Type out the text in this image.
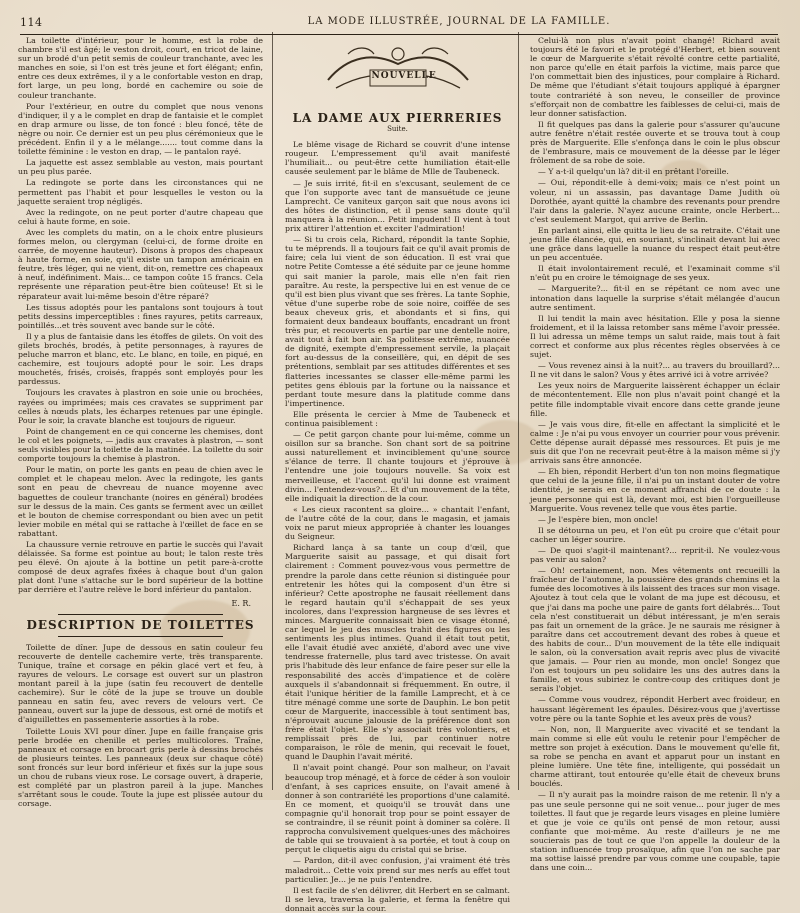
114	LA MODE ILLUSTRÉE, JOURNAL DE LA FAMILLE.

La toilette d'intérieur, pour le homme, est la robe de chambre s'il est âgé; le veston droit, court, en tricot de laine, sur un brodé d'un petit semis de couleur tranchante, avec les manches en soie, si l'on est très jeune et fort élégant; enfin, entre ces deux extrêmes, il y a le confortable veston en drap, fort large, un peu long, bordé en cachemire ou soie de couleur tranchante.

Pour l'extérieur, en outre du complet que nous venons d'indiquer, il y a le complet en drap de fantaisie et le complet en drap armure ou lisse, de ton foncé : bleu foncé, tête de nègre ou noir. Ce dernier est un peu plus cérémonieux que le précédent. Enfin il y a le mélange....... tout comme dans la toilette féminine : le veston en drap, — le pantalon rayé.

La jaquette est assez semblable au veston, mais pourtant un peu plus parée.

La redingote se porte dans les circonstances qui ne permettent pas l'habit et pour lesquelles le veston ou la jaquette seraient trop négligés.

Avec la redingote, on ne peut porter d'autre chapeau que celui à haute forme, en soie.

Avec les complets du matin, on a le choix entre plusieurs formes melon, ou clergyman (celui-ci, de forme droite en carrée, de moyenne hauteur). Disons à propos des chapeaux à haute forme, en soie, qu'il existe un tampon américain en feutre, très léger, qui ne vient, dit-on, remettre ces chapeaux à neuf, indéfiniment. Mais... ce tampon coûte 15 francs. Cela représente une réparation peut-être bien coûteuse! Et si le réparateur avait lui-même besoin d'être réparé?

Les tissus adoptés pour les pantalons sont toujours à tout petits dessins imperceptibles : fines rayures, petits carreaux, pointillés...et très souvent avec bande sur le côté.

Il y a plus de fantaisie dans les étoffes de gilets. On voit des gilets brochés, brodés, à petite personnages, à rayures de peluche marron et blanc, etc. Le blanc, en toile, en piqué, en cachemire, est toujours adopté pour le soir. Les draps mouchetés, frisés, croisés, frappés sont employés pour les pardessus.

Toujours les cravates à plastron en soie unie ou brochées, rayées ou imprimées; mais ces cravates se suppriment par celles à nœuds plats, les écharpes retenues par une épingle. Pour le soir, la cravate blanche est toujours de rigueur.

Point de changement en ce qui concerne les chemises, dont le col et les poignets, — jadis aux cravates à plastron, — sont seuls visibles pour la toilette de la matinée. La toilette du soir comporte toujours la chemise à plastron.

Pour le matin, on porte les gants en peau de chien avec le complet et le chapeau melon. Avec la redingote, les gants sont en peau de chevreau de nuance moyenne avec baguettes de couleur tranchante (noires en général) brodées sur le dessus de la main. Ces gants se ferment avec un œillet et le bouton de chemise correspondant ou bien avec un petit levier mobile en métal qui se rattache à l'œillet de face en se rabattant.

La chaussure vernie retrouve en partie le succès qui l'avait délaissée. Sa forme est pointue au bout; le talon reste très peu élevé. On ajoute à la bottine un petit pare-à-crotte composé de deux agrafes fixées à chaque bout d'un galon plat dont l'une s'attache sur le bord supérieur de la bottine par derrière et l'autre relève le bord inférieur du pantalon.

E. R.
DESCRIPTION DE TOILETTES

Toilette de dîner. Jupe de dessous en satin couleur feu recouverte de dentelle cachemire verte, très transparente. Tunique, traîne et corsage en pékin glacé vert et feu, à rayures de velours. Le corsage est ouvert sur un plastron montant pareil à la jupe (satin feu recouvert de dentelle cachemire). Sur le côté de la jupe se trouve un double panneau en satin feu, avec revers de velours vert. Ce panneau, ouvert sur la jupe de dessous, est orné de motifs et d'aiguillettes en passementerie assorties à la robe.

Toilette Louis XVI pour dîner. Jupe en faille française gris perle brodée en chenille et perles multicolores. Traîne, panneaux et corsage en brocart gris perle à dessins brochés de plusieurs teintes. Les panneaux (deux sur chaque côté) sont froncés sur leur bord inférieur et fixés sur la jupe sous un chou de rubans vieux rose. Le corsage ouvert, à draperie, est complété par un plastron pareil à la jupe. Manches s'arrêtant sous le coude. Toute la jupe est plissée autour du corsage.

NOUVELLE
LA DAME AUX PIERRERIES
Suite.

Le blême visage de Richard se couvrit d'une intense rougeur. L'empressement qu'il avait manifesté l'humiliait... ou peut-être cette humiliation était-elle causée seulement par le blâme de Mlle de Taubeneck.

— Je suis irrité, fit-il en s'excusant, seulement de ce que l'on supporte avec tant de mansuétude ce jeune Lamprecht. Ce vaniteux garçon sait que nous avons ici des hôtes de distinction, et il pense sans doute qu'il manquera à la réunion... Petit impudent! Il vient à tout prix attirer l'attention et exciter l'admiration!

— Si tu crois cela, Richard, répondit la tante Sophie, tu te méprends. Il a toujours fait ce qu'il avait promis de faire; cela lui vient de son éducation. Il est vrai que notre Petite Comtesse a été séduite par ce jeune homme qui sait manier la parole, mais elle n'en fait rien paraître. Au reste, la perspective lui en est venue de ce qu'il est bien plus vivant que ses frères. La tante Sophie, vêtue d'une superbe robe de soie noire, coiffée de ses beaux cheveux gris, et abondants et si fins, qui formaient deux bandeaux bouffants, encadrant un front très pur, et recouverts en partie par une dentelle noire, avait tout à fait bon air. Sa politesse extrême, nuancée de dignité, exempte d'empressement servile, la plaçait fort au-dessus de la conseillère, qui, en dépit de ses prétentions, semblait par ses attitudes différentes et ses flatteries incessantes se classer elle-même parmi les petites gens éblouis par la fortune ou la naissance et perdant toute mesure dans la platitude comme dans l'impertinence.

Elle présenta le cercier à Mme de Taubeneck et continua paisiblement :

— Ce petit garçon chante pour lui-même, comme un oisillon sur sa branche. Son chant sort de sa poitrine aussi naturellement et invinciblement qu'une source s'élance de terre. Il chante toujours et j'éprouve à l'entendre une joie toujours nouvelle. Sa voix est merveilleuse, et l'accent qu'il lui donne est vraiment divin... l'entendez-vous?... Et d'un mouvement de la tête, elle indiquait la direction de la cour.

« Les cieux racontent sa gloire... » chantait l'enfant, de l'autre côté de la cour, dans le magasin, et jamais voix ne parut mieux appropriée à chanter les louanges du Seigneur.

Richard lança à sa tante un coup d'œil, que Marguerite saisit au passage, et qui disait fort clairement : Comment pouvez-vous vous permettre de prendre la parole dans cette réunion si distinguée pour entretenir les hôtes qui la composent d'un être si inférieur? Cette apostrophe ne fausait réellement dans le regard hautain qu'il s'échappait de ses yeux incolores, dans l'expression hargneuse de ses lèvres et minces. Marguerite connaissait bien ce visage étonné, car lequel le jeu des muscles trahit des figures ou les sentiments les plus intimes. Quand il était tout petit, elle l'avait étudié avec anxiété, d'abord avec une vive tendresse fraternelle, plus tard avec tristesse. On avait pris l'habitude dès leur enfance de faire peser sur elle la responsabilité des accès d'impatience et de colère auxquels il s'abandonnait si fréquemment. En outre, il était l'unique héritier de la famille Lamprecht, et à ce titre ménagé comme une sorte de Dauphin. Le bon petit cœur de Marguerite, inaccessible à tout sentiment bas, n'éprouvait aucune jalousie de la préférence dont son frère était l'objet. Elle s'y associait très volontiers, et remplissait près de lui, par continuer notre comparaison, le rôle de menin, qui recevait le fouet, quand le Dauphin l'avait mérité.

Il n'avait point changé. Pour son malheur, on l'avait beaucoup trop ménagé, et à force de céder à son vouloir d'enfant, à ses caprices ensuite, on l'avait amené à donner à son contrariété les proportions d'une calamité. En ce moment, et quoiqu'il se trouvât dans une compagnie qu'il honorait trop pour se point essayer de se contraindre, il se réunit point à dominer sa colère. Il rapprocha convulsivement quelques-unes des mâchoires de table qui se trouvaient à sa portée, et tout à coup on perçut le cliquetis aigu du cristal qui se brise.

— Pardon, dit-il avec confusion, j'ai vraiment été très maladroit... Cette voix prend sur mes nerfs au effet tout particulier. Je... je ne puis l'entendre.

Il est facile de s'en délivrer, dit Herbert en se calmant. Il se leva, traversa la galerie, et ferma la fenêtre qui donnait accès sur la cour.

Celui-là non plus n'avait point changé! Richard avait toujours été le favori et le protégé d'Herbert, et bien souvent le cœur de Marguerite s'était révolté contre cette partialité, non parce qu'elle en était parfois la victime, mais parce que l'on commettait bien des injustices, pour complaire à Richard. De même que l'étudiant s'était toujours appliqué à épargner toute contrariété à son neveu, le conseiller de province s'efforçait non de combattre les faiblesses de celui-ci, mais de leur donner satisfaction.

Il fit quelques pas dans la galerie pour s'assurer qu'aucune autre fenêtre n'était restée ouverte et se trouva tout à coup près de Marguerite. Elle s'enfonça dans le coin le plus obscur de l'embrasure, mais ce mouvement de la déesse par le léger frôlement de sa robe de soie.

— Y a-t-il quelqu'un là? dit-il en prêtant l'oreille.

— Oui, répondit-elle à demi-voix; mais ce n'est point un voleur, ni un assassin, pas davantage Dame Judith où Dorothée, ayant quitté la chambre des revenants pour prendre l'air dans la galerie. N'ayez aucune crainte, oncle Herbert... c'est seulement Margot, qui arrive de Berlin.

En parlant ainsi, elle quitta le lieu de sa retraite. C'était une jeune fille élancée, qui, en souriant, s'inclinait devant lui avec une grâce dans laquelle la nuance du respect était peut-être un peu accentuée.

Il était involontairement reculé, et l'examinait comme s'il n'eût pu en croire le témoignage de ses yeux.

— Marguerite?... fit-il en se répétant ce nom avec une intonation dans laquelle la surprise s'était mélangée d'aucun autre sentiment.

Il lui tendit la main avec hésitation. Elle y posa la sienne froidement, et il la laissa retomber sans même l'avoir pressée. Il lui adressa un même temps un salut raide, mais tout à fait correct et conforme aux plus récentes règles observées à ce sujet.

— Vous revenez ainsi à la nuit?... au travers du brouillard?... Il ne vit dans le salon? Vous y êtes arrivé ici à votre arrivée?

Les yeux noirs de Marguerite laissèrent échapper un éclair de mécontentement. Elle non plus n'avait point changé et la petite fille indomptable vivait encore dans cette grande jeune fille.

— Je vais vous dire, fit-elle en affectant la simplicité et le calme : Je n'ai pu vous envoyer un courrier pour vous prévenir. Cette dépense aurait dépassé mes ressources. Et puis je me suis dit que l'on ne recevrait peut-être à la maison même si j'y arrivais sans être annoncée.

— Eh bien, répondit Herbert d'un ton non moins flegmatique que celui de la jeune fille, il n'ai pu un instant douter de votre identité, je serais en ce moment affranchi de ce doute : la jeune personne qui est là, devant moi, est bien l'orgueilleuse Marguerite. Vous revenez telle que vous êtes partie.

— Je l'espère bien, mon oncle!

Il se détourna un peu, et l'on eût pu croire que c'était pour cacher un léger sourire.

— De quoi s'agit-il maintenant?... reprit-il. Ne voulez-vous pas venir au salon?

— Oh! certainement, non. Mes vêtements ont recueilli la fraîcheur de l'automne, la poussière des grands chemins et la fumée des locomotives à ils laissent des traces sur mon visage. Ajoutez à tout cela que le volant de ma jupe est décousu, et que j'ai dans ma poche une paire de gants fort délabrés... Tout cela n'est constituerait un début intéressant, je m'en serais pas fait un ornement de la grâce. Je ne saurais me résigner à paraître dans cet accoutrement devant des robes à queue et des habits de cour... D'un mouvement de la tête elle indiquait le salon, où la conversation avait repris avec plus de vivacité que jamais. — Pour rien au monde, mon oncle! Songez que l'on est toujours un peu solidaire les uns des autres dans la famille, et vous subiriez le contre-coup des critiques dont je serais l'objet.

— Comme vous voudrez, répondit Herbert avec froideur, en haussant légèrement les épaules. Désirez-vous que j'avertisse votre père ou la tante Sophie et les aveux près de vous?

— Non, non, Il Marguerite avec vivacité et se tendant la main comme si elle eût voulu le retenir pour l'empêcher de mettre son projet à exécution. Dans le mouvement qu'elle fit, sa robe se pencha en avant et apparut pour un instant en pleine lumière. Une tête fine, intelligente, qui possédait un charme attirant, tout entourée qu'elle était de cheveux bruns bouclés.

— Il n'y aurait pas la moindre raison de me retenir. Il n'y a pas une seule personne qui ne soit venue... pour juger de mes toilettes. Il faut que je regarde leurs visages en pleine lumière et que je voie ce qu'ils ont pensé de mon retour, aussi confiante que moi-même. Au reste d'ailleurs je ne me soucierais pas de tout ce que l'on appelle la douleur de la station influencée trop prosaïque, afin que l'on ne sache par ma sottise laissé prendre par vous comme une coupable, tapie dans une coin...
